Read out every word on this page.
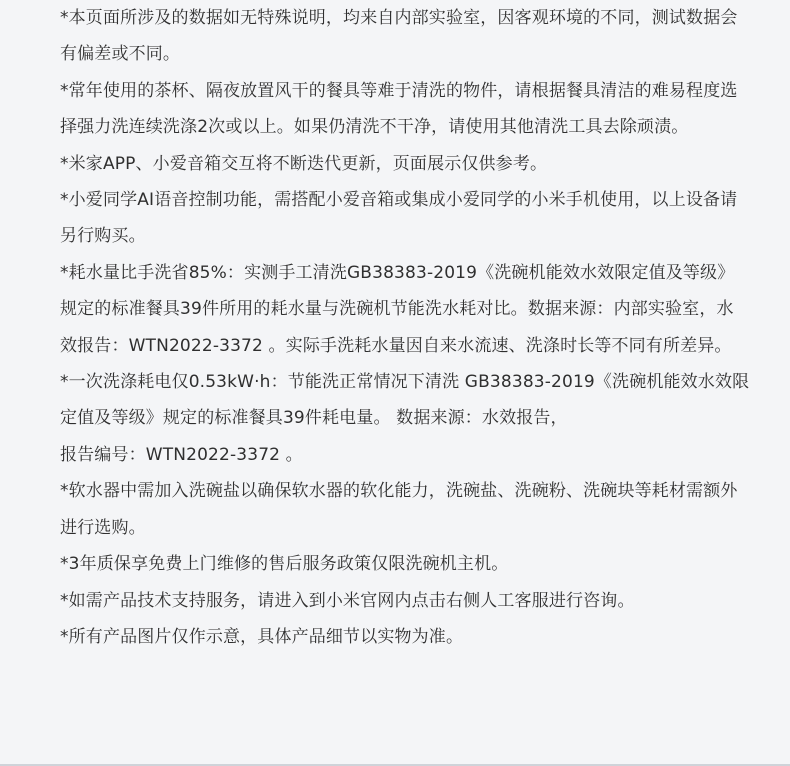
*本页面所涉及的数据如无特殊说明，均来自内部实验室，因客观环境的不同，测试数据会有偏差或不同。
*常年使用的茶杯、隔夜放置风干的餐具等难于清洗的物件，请根据餐具清洁的难易程度选择强力洗连续洗涤2次或以上。如果仍清洗不干净，请使用其他清洗工具去除顽渍。
*米家APP、小爱音箱交互将不断迭代更新，页面展示仅供参考。
*小爱同学AI语音控制功能，需搭配小爱音箱或集成小爱同学的小米手机使用，以上设备请另行购买。
*耗水量比手洗省85%：实测手工清洗GB38383-2019《洗碗机能效水效限定值及等级》规定的标准餐具39件所用的耗水量与洗碗机节能洗水耗对比。数据来源：内部实验室，水效报告：WTN2022-3372 。实际手洗耗水量因自来水流速、洗涤时长等不同有所差异。
*一次洗涤耗电仅0.53kW·h：节能洗正常情况下清洗 GB38383-2019《洗碗机能效水效限定值及等级》规定的标准餐具39件耗电量。 数据来源：水效报告，
报告编号：WTN2022-3372 。
*软水器中需加入洗碗盐以确保软水器的软化能力，洗碗盐、洗碗粉、洗碗块等耗材需额外进行选购。
*3年质保享免费上门维修的售后服务政策仅限洗碗机主机。
*如需产品技术支持服务，请进入到小米官网内点击右侧人工客服进行咨询。
*所有产品图片仅作示意，具体产品细节以实物为准。
